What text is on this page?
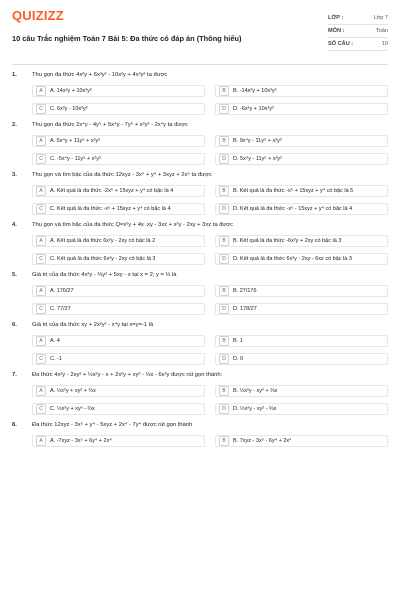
QUIZIZZ
10 câu Trắc nghiệm Toán 7 Bài 5: Đa thức có đáp án (Thông hiểu)
LỚP :	Lớp 7
MÔN :	Toán
SỐ CÂU :	10
1.	Thu gọn đa thức 4x²y + 6x³y² - 10x²y + 4x³y² ta được
A	A. 14x²y + 10x³y²	B	B. -14x²y + 10x³y²
C	C. 6x²y - 10x³y²	D	D. -6x²y + 10x³y²
2.	Thu gọn đa thức 2x⁴y - 4y⁵ + 5x⁴y - 7y⁵ + x²y² - 2x⁴y ta được
A	A. 5x⁴y + 11y⁵ + x²y²	B	B. 9x⁴y - 11y⁵ + x²y²
C	C. -5x⁴y - 11y⁵ + x²y²	D	D. 5x⁴y - 11y⁵ + x²y²
3.	Thu gọn và tìm bậc của đa thức 12xyz - 3x⁵ + y⁴ + 3xyz + 2x⁵ ta được
A	A. Kết quả là đa thức -2x⁵ + 15xyz + y⁴ có bậc là 4	B	B. Kết quả là đa thức -x⁵ + 15xyz + y⁴ có bậc là 5
C	C. Kết quả là đa thức -x⁵ + 15xyz + y⁴ có bậc là 4	D	D. Kết quả là đa thức -x⁵ - 15xyz + y⁴ có bậc là 4
4.	Thu gọn và tìm bậc của đa thức Q=x²y + 4x .xy - 3xz + x²y - 2xy + 3xz ta được
A	A. Kết quả là đa thức 6x²y - 2xy có bậc là 2	B	B. Kết quả là đa thức -6x²y + 2xy có bậc là 3
C	C. Kết quả là đa thức 6x²y - 2xy có bậc là 3	D	D. Kết quả là đa thức 6x²y - 2xy - 6xz có bậc là 3
5.	Giá trị của đa thức 4x²y - ⅔y² + 5xy - x tại x = 2; y = ⅓ là
A	A. 176/27	B	B. 27/176
C	C. 77/27	D	D. 178/27
6.	Giá trị của đa thức xy + 2x²y² - x⁴y tại x=y=-1 là
A	A. 4	B	B. 1
C	C. -1	D	D. 0
7.	Đa thức 4x²y - 2xy² + ½x²y - x + 2x²y + xy² - ⅓x - 6x²y được rút gọn thành:
A	A. ½x²y + xy² + ⅔x	B	B. ½x²y - xy² + ⅔x
C	C. ½x²y + xy² - ⅔x	D	D. ½x²y - xy² - ⅔x
8.	Đa thức 12xyz - 3x⁵ + y⁴ - 5xyz + 2x⁴ - 7y⁴ được rút gọn thành
A	A. -7xyz - 3x⁵ + 6y⁴ + 2x⁴	B	B. 7xyz - 3x⁵ - 6y⁴ + 2x⁴
